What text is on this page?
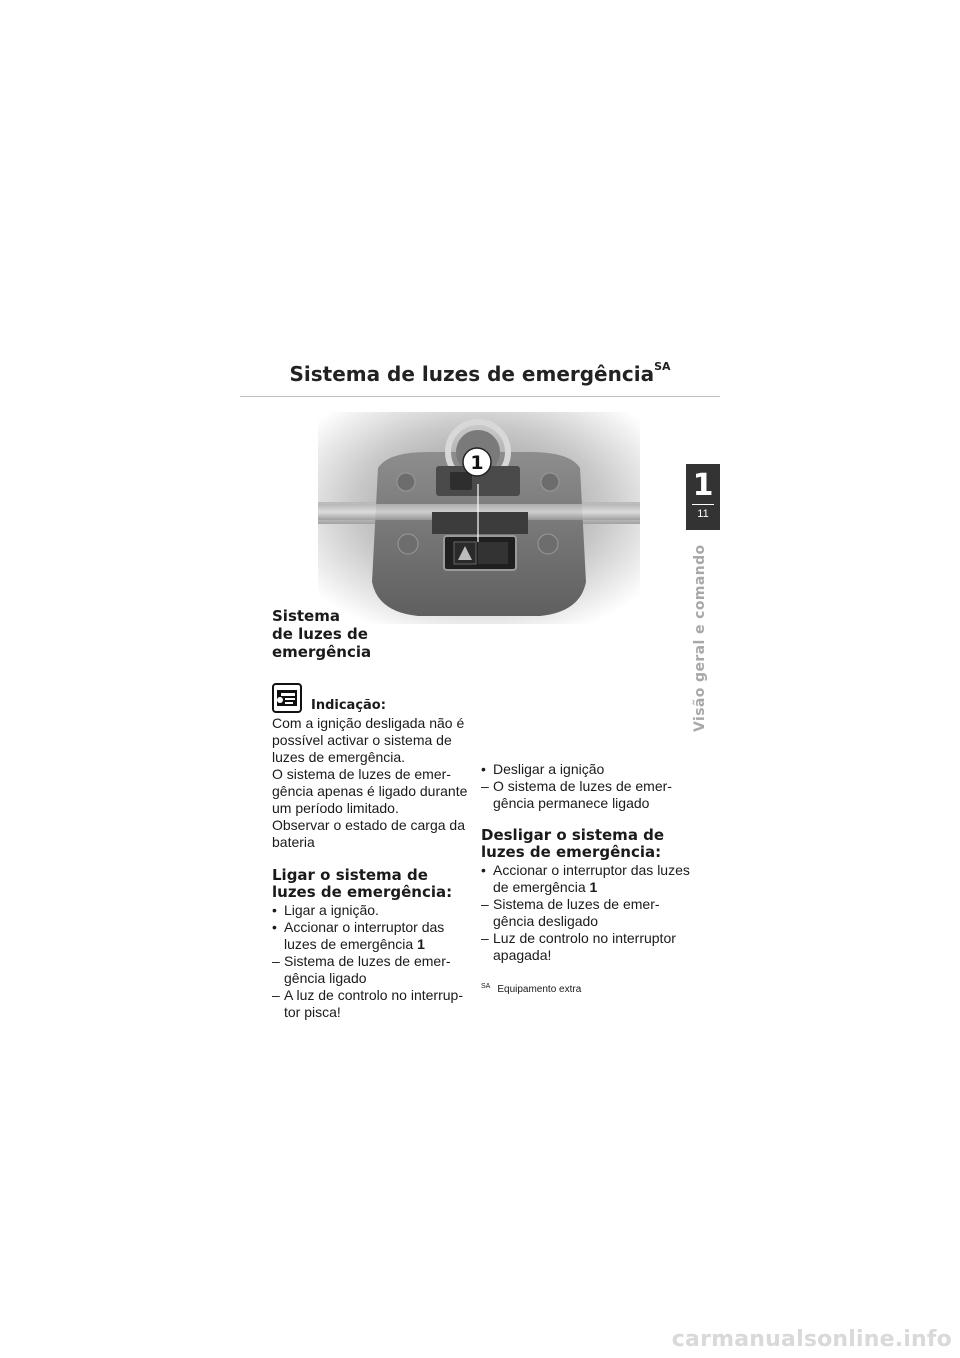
Sistema de luzes de emergência$^{SA}$
1
11
Visão geral e comando
1
Sistema
de luzes de emergência
Indicação:

Com a ignição desligada não é possível activar o sistema de luzes de emergência.

O sistema de luzes de emer-gência apenas é ligado durante um período limitado.

Observar o estado de carga da bateria

Ligar o sistema de luzes de emergência:
• Ligar a ignição.
• Accionar o interruptor das luzes de emergência 1
– Sistema de luzes de emer-gência ligado
– A luz de controlo no interrup-tor pisca!
• Desligar a ignição
– O sistema de luzes de emer-gência permanece ligado
Desligar o sistema de luzes de emergência:
• Accionar o interruptor das luzes de emergência 1
– Sistema de luzes de emer-gência desligado
– Luz de controlo no interruptor apagada!
SA Equipamento extra
carmanualsonline.info
